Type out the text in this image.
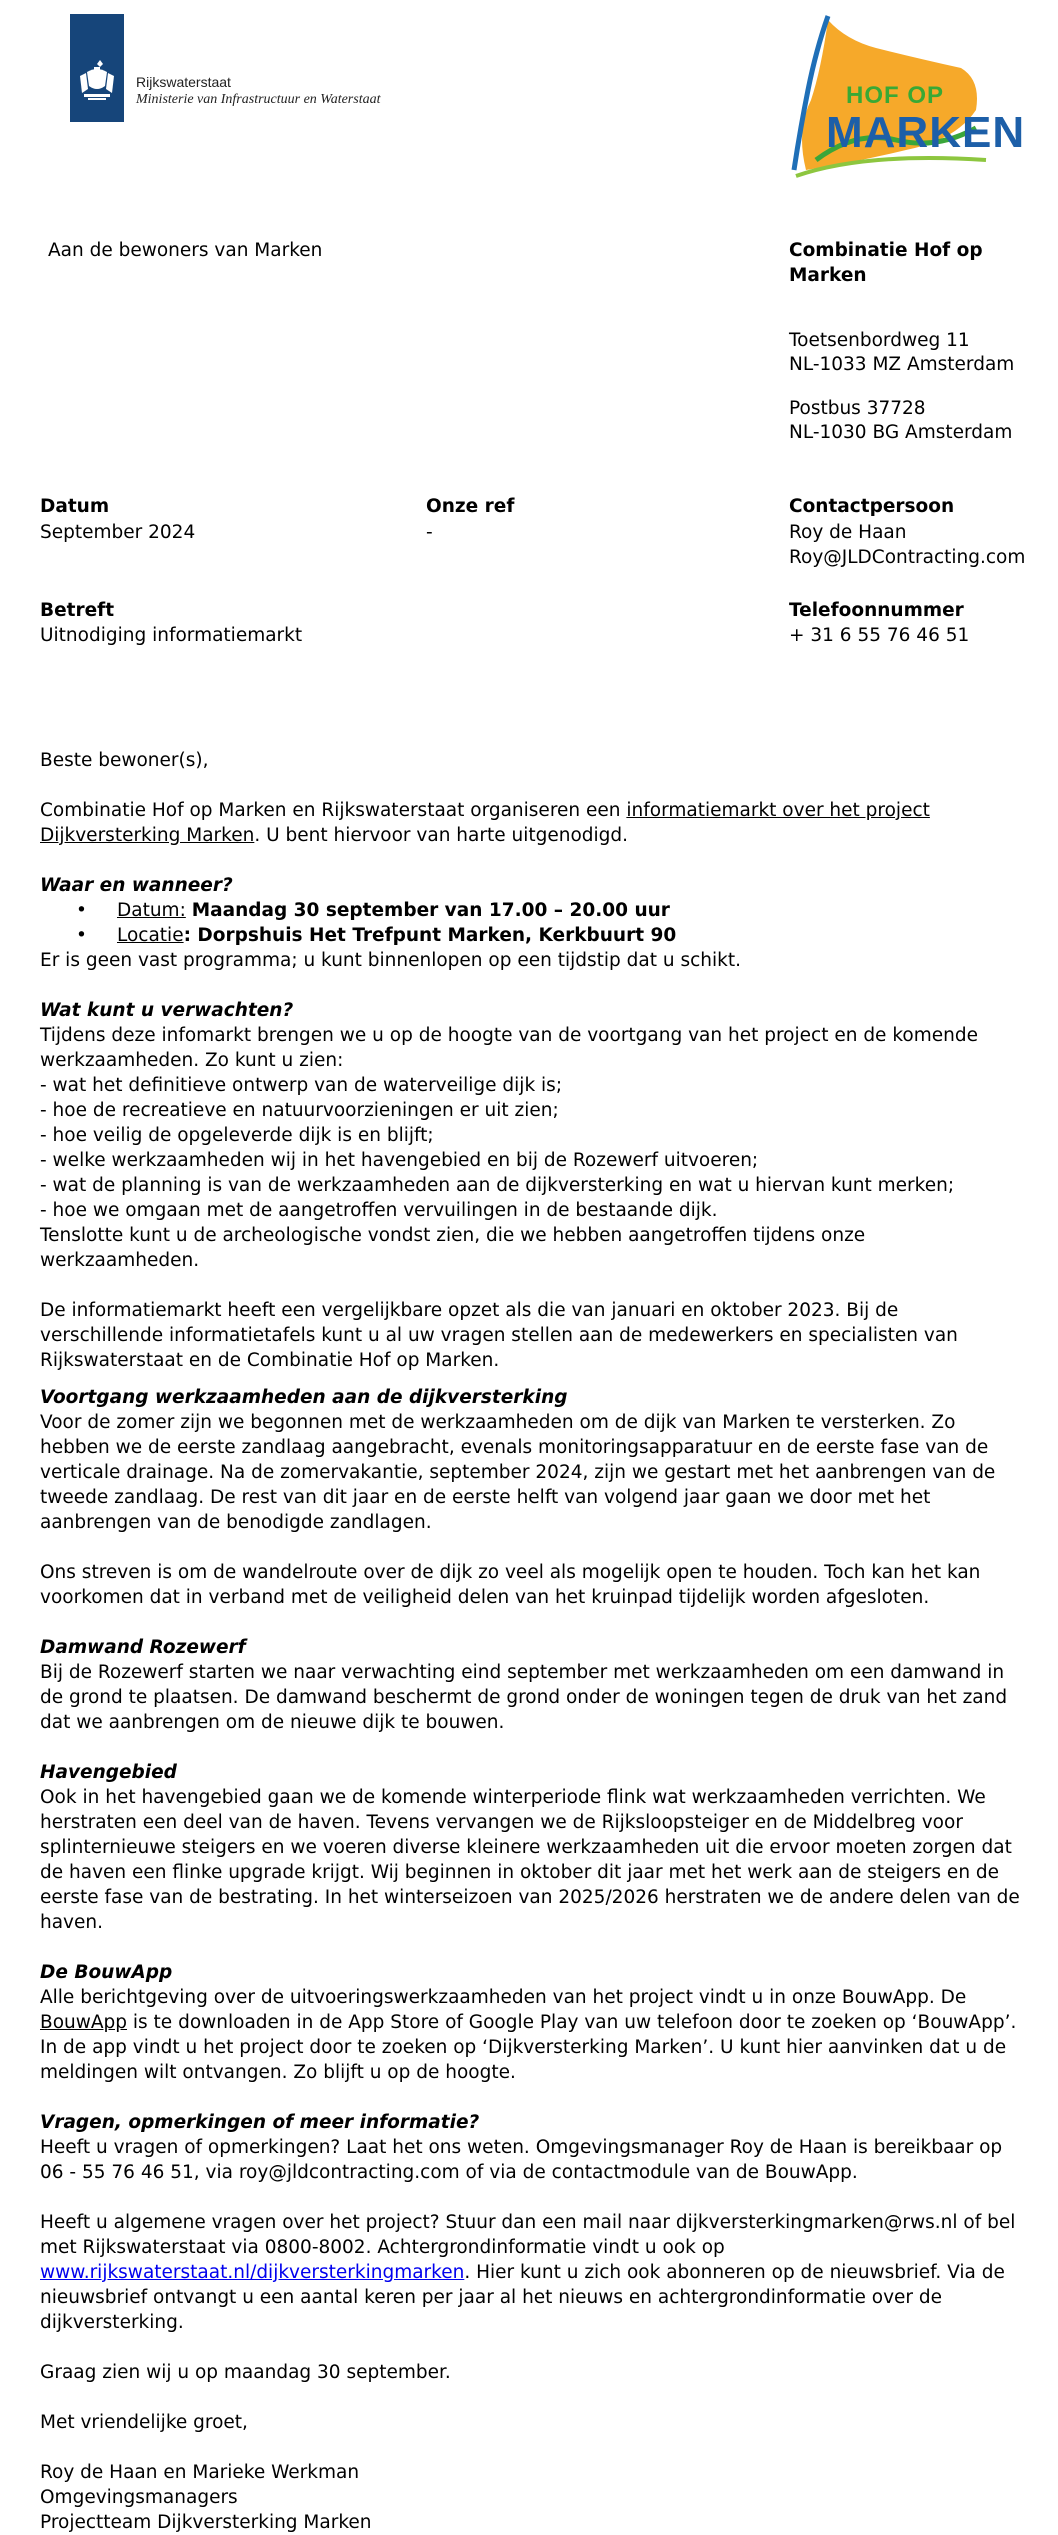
Rijkswaterstaat
Ministerie van Infrastructuur en Waterstaat	HOF OP
MARKEN
Aan de bewoners van Marken	Combinatie Hof op Marken
Toetsenbordweg 11
NL-1033 MZ Amsterdam
Postbus 37728
NL-1030 BG Amsterdam
Datum
September 2024
Onze ref
-
Contactpersoon
Roy de Haan
Roy@JLDContracting.com
Betreft
Uitnodiging informatiemarkt
Telefoonnummer
+ 31 6 55 76 46 51
Beste bewoner(s),
Combinatie Hof op Marken en Rijkswaterstaat organiseren een informatiemarkt over het project
Dijkversterking Marken. U bent hiervoor van harte uitgenodigd.
Waar en wanneer?
• Datum: Maandag 30 september van 17.00 – 20.00 uur
• Locatie: Dorpshuis Het Trefpunt Marken, Kerkbuurt 90
Er is geen vast programma; u kunt binnenlopen op een tijdstip dat u schikt.
Wat kunt u verwachten?
Tijdens deze infomarkt brengen we u op de hoogte van de voortgang van het project en de komende
werkzaamheden. Zo kunt u zien:
- wat het definitieve ontwerp van de waterveilige dijk is;
- hoe de recreatieve en natuurvoorzieningen er uit zien;
- hoe veilig de opgeleverde dijk is en blijft;
- welke werkzaamheden wij in het havengebied en bij de Rozewerf uitvoeren;
- wat de planning is van de werkzaamheden aan de dijkversterking en wat u hiervan kunt merken;
- hoe we omgaan met de aangetroffen vervuilingen in de bestaande dijk.
Tenslotte kunt u de archeologische vondst zien, die we hebben aangetroffen tijdens onze
werkzaamheden.
De informatiemarkt heeft een vergelijkbare opzet als die van januari en oktober 2023. Bij de
verschillende informatietafels kunt u al uw vragen stellen aan de medewerkers en specialisten van
Rijkswaterstaat en de Combinatie Hof op Marken.
Voortgang werkzaamheden aan de dijkversterking
Voor de zomer zijn we begonnen met de werkzaamheden om de dijk van Marken te versterken. Zo
hebben we de eerste zandlaag aangebracht, evenals monitoringsapparatuur en de eerste fase van de
verticale drainage. Na de zomervakantie, september 2024, zijn we gestart met het aanbrengen van de
tweede zandlaag. De rest van dit jaar en de eerste helft van volgend jaar gaan we door met het
aanbrengen van de benodigde zandlagen.
Ons streven is om de wandelroute over de dijk zo veel als mogelijk open te houden. Toch kan het kan
voorkomen dat in verband met de veiligheid delen van het kruinpad tijdelijk worden afgesloten.
Damwand Rozewerf
Bij de Rozewerf starten we naar verwachting eind september met werkzaamheden om een damwand in
de grond te plaatsen. De damwand beschermt de grond onder de woningen tegen de druk van het zand
dat we aanbrengen om de nieuwe dijk te bouwen.
Havengebied
Ook in het havengebied gaan we de komende winterperiode flink wat werkzaamheden verrichten. We
herstraten een deel van de haven. Tevens vervangen we de Rijksloopsteiger en de Middelbreg voor
splinternieuwe steigers en we voeren diverse kleinere werkzaamheden uit die ervoor moeten zorgen dat
de haven een flinke upgrade krijgt. Wij beginnen in oktober dit jaar met het werk aan de steigers en de
eerste fase van de bestrating. In het winterseizoen van 2025/2026 herstraten we de andere delen van de
haven.
De BouwApp
Alle berichtgeving over de uitvoeringswerkzaamheden van het project vindt u in onze BouwApp. De
BouwApp is te downloaden in de App Store of Google Play van uw telefoon door te zoeken op ‘BouwApp’.
In de app vindt u het project door te zoeken op ‘Dijkversterking Marken’. U kunt hier aanvinken dat u de
meldingen wilt ontvangen. Zo blijft u op de hoogte.
Vragen, opmerkingen of meer informatie?
Heeft u vragen of opmerkingen? Laat het ons weten. Omgevingsmanager Roy de Haan is bereikbaar op
06 - 55 76 46 51, via roy@jldcontracting.com of via de contactmodule van de BouwApp.
Heeft u algemene vragen over het project? Stuur dan een mail naar dijkversterkingmarken@rws.nl of bel
met Rijkswaterstaat via 0800-8002. Achtergrondinformatie vindt u ook op
www.rijkswaterstaat.nl/dijkversterkingmarken. Hier kunt u zich ook abonneren op de nieuwsbrief. Via de
nieuwsbrief ontvangt u een aantal keren per jaar al het nieuws en achtergrondinformatie over de
dijkversterking.
Graag zien wij u op maandag 30 september.
Met vriendelijke groet,
Roy de Haan en Marieke Werkman
Omgevingsmanagers
Projectteam Dijkversterking Marken
